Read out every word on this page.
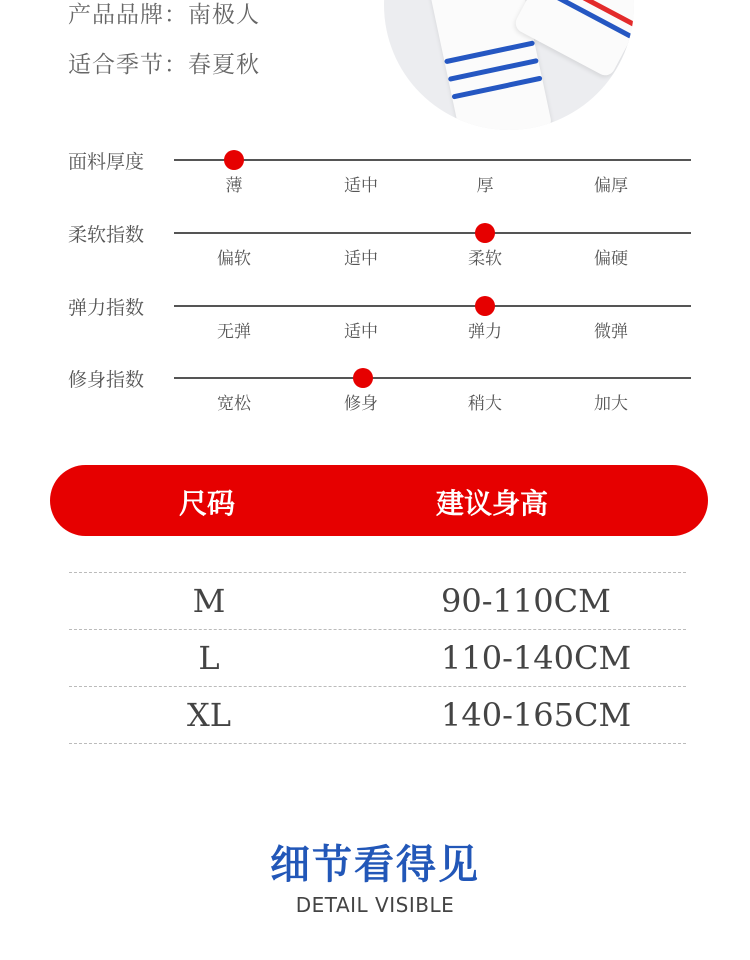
产品品牌：南极人
适合季节：春夏秋
面料厚度
薄	适中	厚	偏厚
柔软指数
偏软	适中	柔软	偏硬
弹力指数
无弹	适中	弹力	微弹
修身指数
宽松	修身	稍大	加大
尺码	建议身高
M	90-110CM
L	110-140CM
XL	140-165CM
细节看得见
DETAIL VISIBLE
